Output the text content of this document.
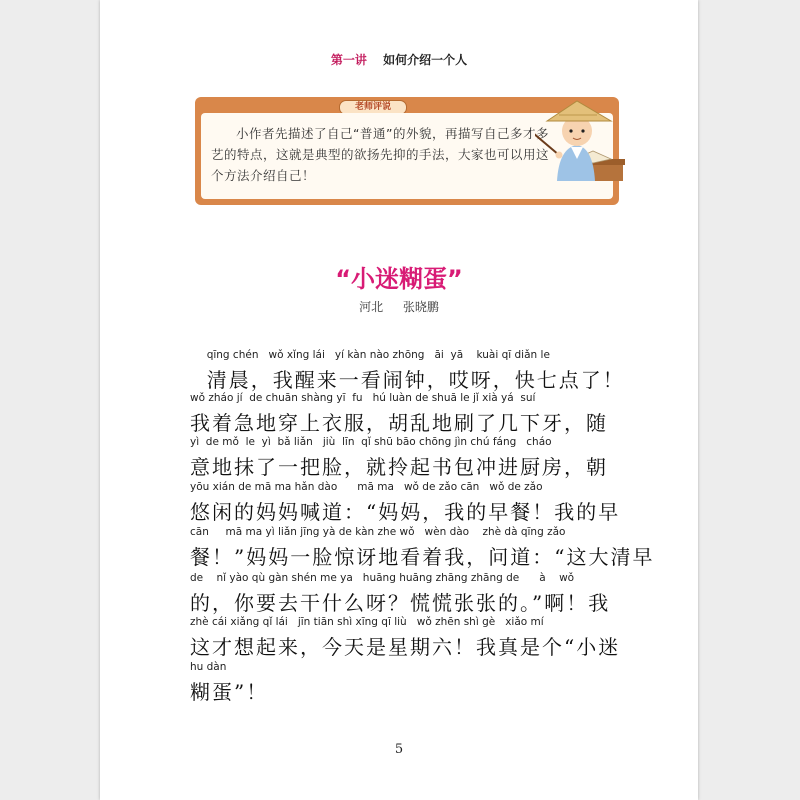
第一讲 如何介绍一个人
老师评说
小作者先描述了自己“普通”的外貌，再描写自己多才多艺的特点，这就是典型的欲扬先抑的手法，大家也可以用这个方法介绍自己！
“小迷糊蛋”
河北 张晓鹏
qīng chén   wǒ xǐng lái   yí kàn nào zhōng   āi  yā    kuài qī diǎn le
清晨，我醒来一看闹钟，哎呀，快七点了！
wǒ zháo jí  de chuān shàng yī  fu   hú luàn de shuā le jǐ xià yá  suí
我着急地穿上衣服，胡乱地刷了几下牙，随
yì  de mǒ  le  yì  bǎ liǎn   jiù  līn  qǐ shū bāo chōng jìn chú fáng   cháo
意地抹了一把脸，就拎起书包冲进厨房，朝
yōu xián de mā ma hǎn dào      mā ma   wǒ de zǎo cān   wǒ de zǎo
悠闲的妈妈喊道：“妈妈，我的早餐！我的早
cān     mā ma yì liǎn jīng yà de kàn zhe wǒ   wèn dào    zhè dà qīng zǎo
餐！”妈妈一脸惊讶地看着我，问道：“这大清早
de    nǐ yào qù gàn shén me ya   huāng huāng zhāng zhāng de      à    wǒ
的，你要去干什么呀？慌慌张张的。”啊！我
zhè cái xiǎng qǐ lái   jīn tiān shì xīng qī liù   wǒ zhēn shì gè   xiǎo mí
这才想起来，今天是星期六！我真是个“小迷
hu dàn
糊蛋”！
5
